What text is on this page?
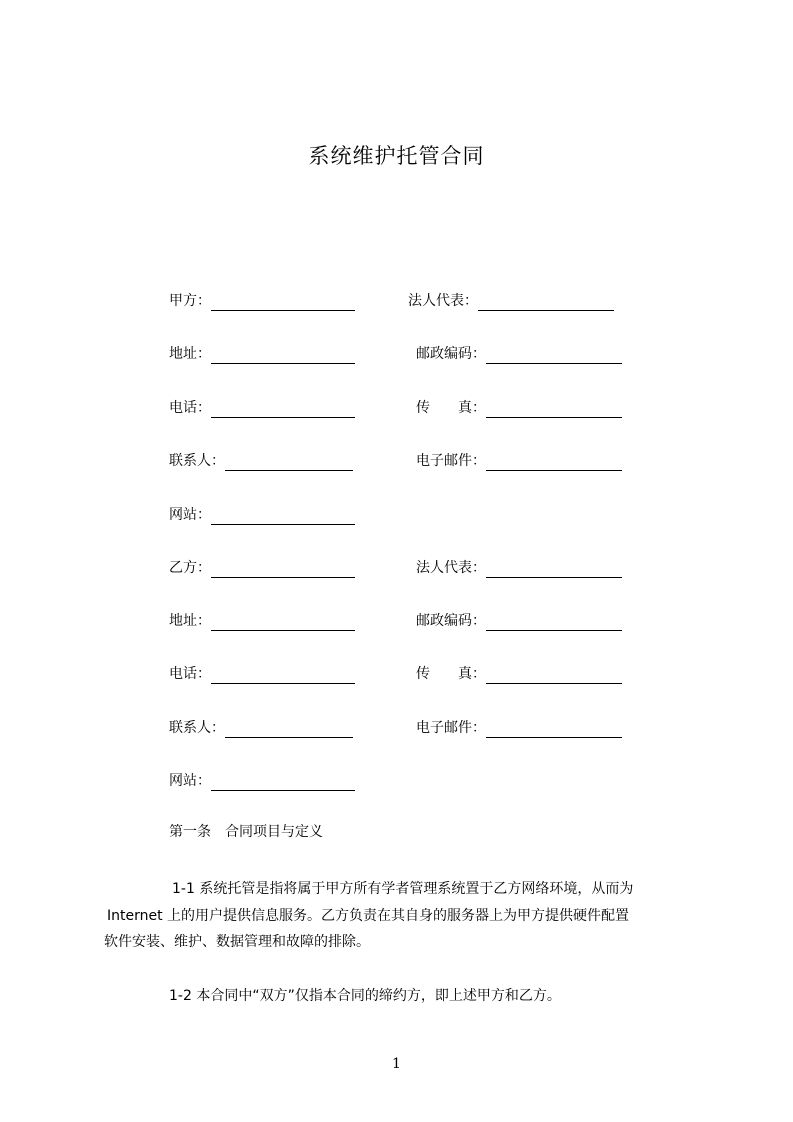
系统维护托管合同
甲方：	法人代表：
地址：	邮政编码：
电话：	传　　真：
联系人：	电子邮件：
网站：
乙方：	法人代表：
地址：	邮政编码：
电话：	传　　真：
联系人：	电子邮件：
网站：
第一条　合同项目与定义
1-1 系统托管是指将属于甲方所有学者管理系统置于乙方网络环境，从而为
Internet 上的用户提供信息服务。乙方负责在其自身的服务器上为甲方提供硬件配置
软件安装、维护、数据管理和故障的排除。
1-2 本合同中“双方”仅指本合同的缔约方，即上述甲方和乙方。
1
